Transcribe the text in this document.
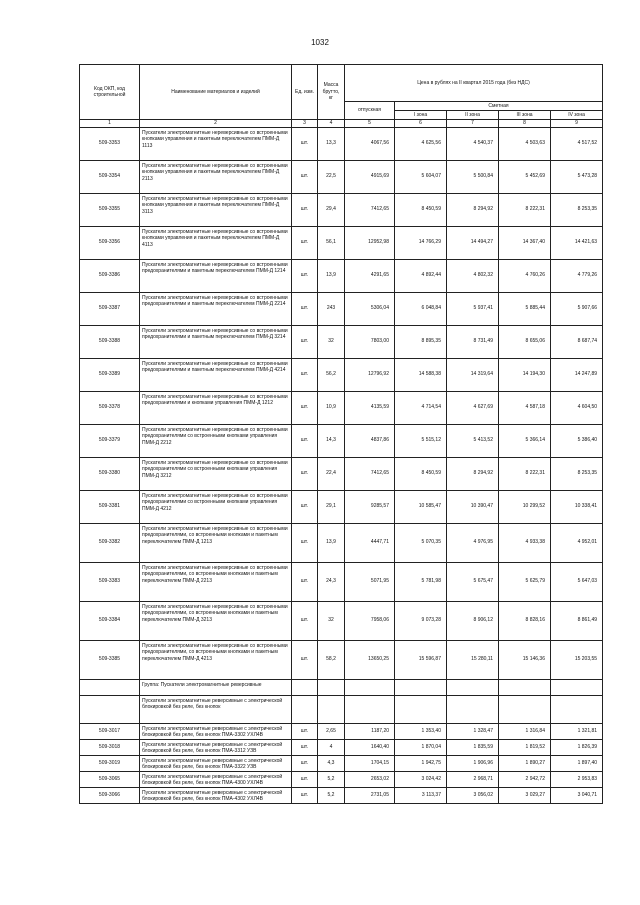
1032
Код ОКП, код строительной	Наименование материалов и изделий	Ед. изм.	Масса брутто, кг	Цена в рублях на II квартал 2015 года (без НДС)				
				отпускная	Сметная			
					I зона	II зона	III зона	IV зона
1	2	3	4	5	6	7	8	9
509-3353	Пускатели электромагнитные нереверсивные со встроенными кнопками управления и пакетным переключателем ПММ-Д 1113	шт.	13,3	4067,56	4 625,56	4 540,37	4 503,63	4 517,52
509-3354	Пускатели электромагнитные нереверсивные со встроенными кнопками управления и пакетным переключателем ПММ-Д 2113	шт.	22,5	4915,69	5 604,07	5 500,84	5 452,69	5 473,28
509-3355	Пускатели электромагнитные нереверсивные со встроенными кнопками управления и пакетным переключателем ПММ-Д 3113	шт.	29,4	7412,65	8 450,59	8 294,92	8 222,31	8 253,35
509-3356	Пускатели электромагнитные нереверсивные со встроенными кнопками управления и пакетным переключателем ПММ-Д 4113	шт.	56,1	12952,98	14 766,29	14 494,27	14 367,40	14 421,63
509-3386	Пускатели электромагнитные нереверсивные со встроенными предохранителями и пакетным переключателем ПММ-Д 1214	шт.	13,9	4291,65	4 892,44	4 802,32	4 760,26	4 779,26
509-3387	Пускатели электромагнитные нереверсивные со встроенными предохранителями и пакетным переключателем ПММ-Д 2214	шт.	243	5306,04	6 048,84	5 937,41	5 885,44	5 907,66
509-3388	Пускатели электромагнитные нереверсивные со встроенными предохранителями и пакетным переключателем ПММ-Д 3214	шт.	32	7803,00	8 895,35	8 731,49	8 655,06	8 687,74
509-3389	Пускатели электромагнитные нереверсивные со встроенными предохранителями и пакетным переключателем ПММ-Д 4214	шт.	56,2	12796,92	14 588,38	14 319,64	14 194,30	14 247,89
509-3378	Пускатели электромагнитные нереверсивные со встроенными предохранителями и кнопками управления ПММ-Д 1212	шт.	10,9	4135,59	4 714,54	4 627,69	4 587,18	4 604,50
509-3379	Пускатели электромагнитные нереверсивные со встроенными предохранителями со встроенными кнопками управления ПММ-Д 2212	шт.	14,3	4837,86	5 515,12	5 413,52	5 366,14	5 386,40
509-3380	Пускатели электромагнитные нереверсивные со встроенными предохранителями со встроенными кнопками управления ПММ-Д 3212	шт.	22,4	7412,65	8 450,59	8 294,92	8 222,31	8 253,35
509-3381	Пускатели электромагнитные нереверсивные со встроенными предохранителями со встроенными кнопками управления ПММ-Д 4212	шт.	29,1	9285,57	10 585,47	10 390,47	10 299,52	10 338,41
509-3382	Пускатели электромагнитные нереверсивные со встроенными предохранителями, со встроенными кнопками и пакетным переключателем ПММ-Д 1213	шт.	13,9	4447,71	5 070,35	4 976,95	4 933,38	4 952,01
509-3383	Пускатели электромагнитные нереверсивные со встроенными предохранителями, со встроенными кнопками и пакетным переключателем ПММ-Д 2213	шт.	24,3	5071,95	5 781,98	5 675,47	5 625,79	5 647,03
509-3384	Пускатели электромагнитные нереверсивные со встроенными предохранителями, со встроенными кнопками и пакетным переключателем ПММ-Д 3213	шт.	32	7958,06	9 073,28	8 906,12	8 828,16	8 861,49
509-3385	Пускатели электромагнитные нереверсивные со встроенными предохранителями, со встроенными кнопками и пакетным переключателем ПММ-Д 4213	шт.	58,2	13650,25	15 596,87	15 280,11	15 146,36	15 203,55
	Группа: Пускатели электромагнитные реверсивные							
	Пускатели электромагнитные реверсивные с электрической блокировкой без реле, без кнопок							
509-3017	Пускатели электромагнитные реверсивные с электрической блокировкой без реле, без кнопок ПМА-3302 УХЛ4В	шт.	2,65	1187,20	1 353,40	1 328,47	1 316,84	1 321,81
509-3018	Пускатели электромагнитные реверсивные с электрической блокировкой без реле, без кнопок ПМА-3312 УЗВ	шт.	4	1640,40	1 870,04	1 835,59	1 819,52	1 826,39
509-3019	Пускатели электромагнитные реверсивные с электрической блокировкой без реле, без кнопок ПМА-3322 УЗВ	шт.	4,3	1704,15	1 942,75	1 906,96	1 890,27	1 897,40
509-3065	Пускатели электромагнитные реверсивные с электрической блокировкой без реле, без кнопок ПМА-4300 УХЛ4В	шт.	5,2	2653,02	3 024,42	2 968,71	2 942,72	2 953,83
509-3066	Пускатели электромагнитные реверсивные с электрической блокировкой без реле, без кнопок ПМА-4302 УХЛ4В	шт.	5,2	2731,05	3 113,37	3 056,02	3 029,27	3 040,71
